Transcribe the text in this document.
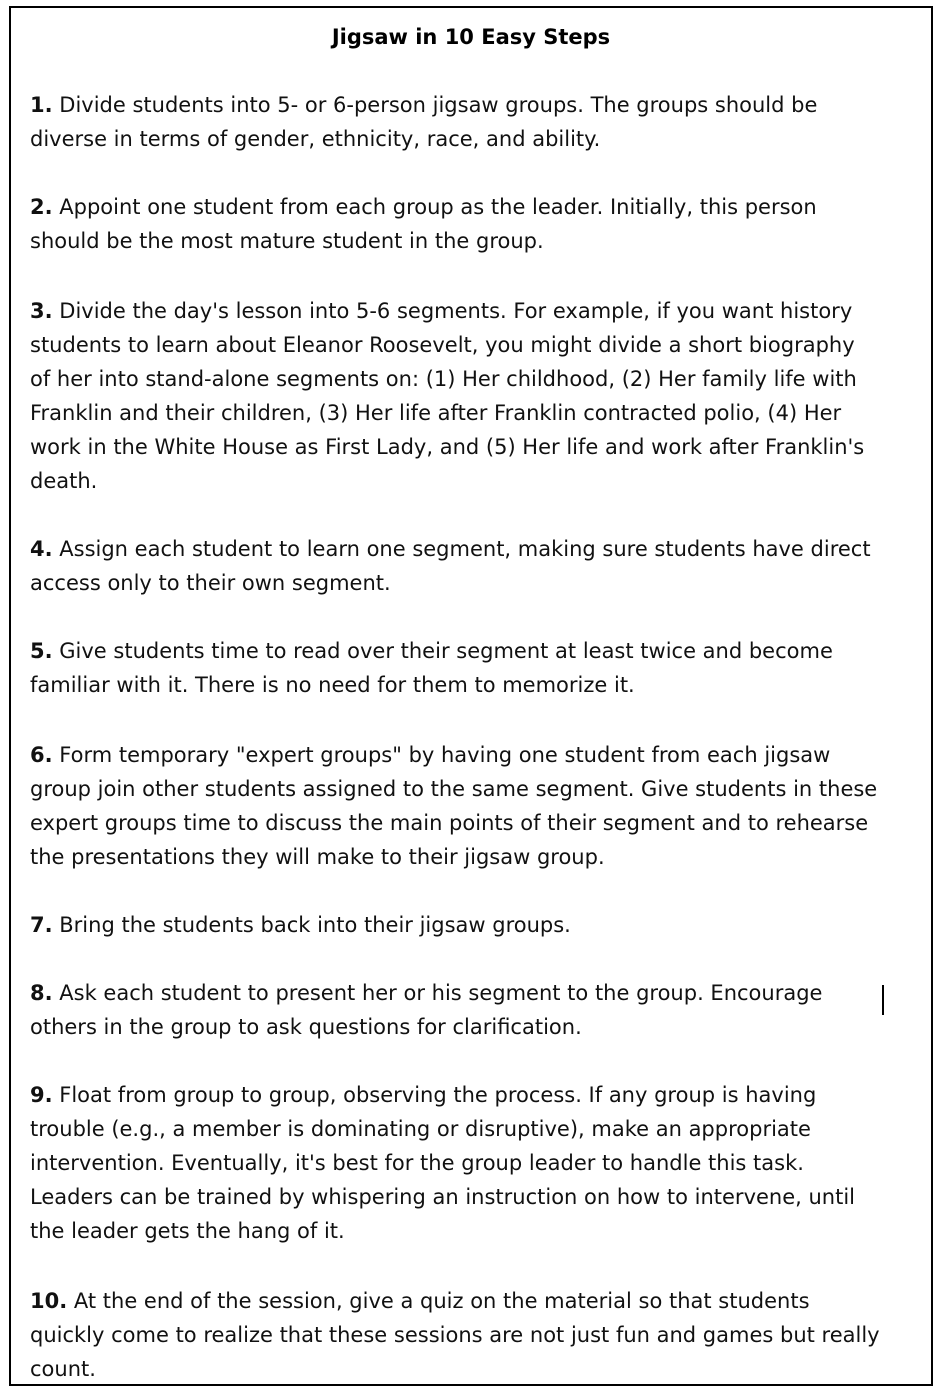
Jigsaw in 10 Easy Steps

1. Divide students into 5- or 6-person jigsaw groups. The groups should be
diverse in terms of gender, ethnicity, race, and ability.

2. Appoint one student from each group as the leader. Initially, this person
should be the most mature student in the group.

3. Divide the day's lesson into 5-6 segments. For example, if you want history
students to learn about Eleanor Roosevelt, you might divide a short biography
of her into stand-alone segments on: (1) Her childhood, (2) Her family life with
Franklin and their children, (3) Her life after Franklin contracted polio, (4) Her
work in the White House as First Lady, and (5) Her life and work after Franklin's
death.

4. Assign each student to learn one segment, making sure students have direct
access only to their own segment.

5. Give students time to read over their segment at least twice and become
familiar with it. There is no need for them to memorize it.

6. Form temporary "expert groups" by having one student from each jigsaw
group join other students assigned to the same segment. Give students in these
expert groups time to discuss the main points of their segment and to rehearse
the presentations they will make to their jigsaw group.

7. Bring the students back into their jigsaw groups.

8. Ask each student to present her or his segment to the group. Encourage
others in the group to ask questions for clarification.

9. Float from group to group, observing the process. If any group is having
trouble (e.g., a member is dominating or disruptive), make an appropriate
intervention. Eventually, it's best for the group leader to handle this task.
Leaders can be trained by whispering an instruction on how to intervene, until
the leader gets the hang of it.

10. At the end of the session, give a quiz on the material so that students
quickly come to realize that these sessions are not just fun and games but really
count.
